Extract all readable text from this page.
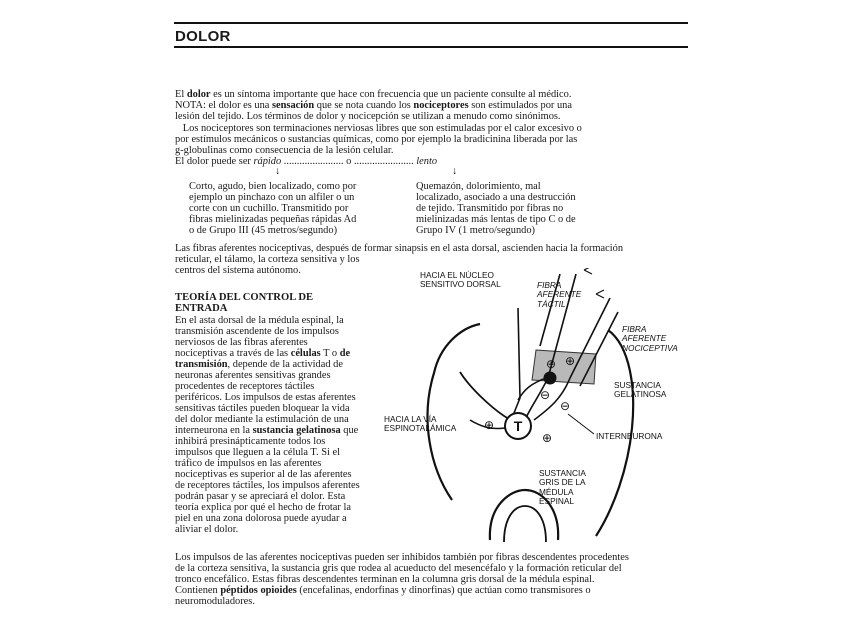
DOLOR
El dolor es un síntoma importante que hace con frecuencia que un paciente consulte al médico.
NOTA: el dolor es una sensación que se nota cuando los nociceptores son estimulados por una
lesión del tejido. Los términos de dolor y nocicepción se utilizan a menudo como sinónimos.
Los nociceptores son terminaciones nerviosas libres que son estimuladas por el calor excesivo o
por estímulos mecánicos o sustancias químicas, como por ejemplo la bradicinina liberada por las
g-globulinas como consecuencia de la lesión celular.
El dolor puede ser rápido ....................... o ....................... lento
↓	↓
Corto, agudo, bien localizado, como por
ejemplo un pinchazo con un alfiler o un
corte con un cuchillo. Transmitido por
fibras mielinizadas pequeñas rápidas Ad
o de Grupo III (45 metros/segundo)
Quemazón, dolorimiento, mal
localizado, asociado a una destrucción
de tejido. Transmitido por fibras no
mielinizadas más lentas de tipo C o de
Grupo IV (1 metro/segundo)
Las fibras aferentes nociceptivas, después de formar sinapsis en el asta dorsal, ascienden hacia la formación
reticular, el tálamo, la corteza sensitiva y los
centros del sistema autónomo.
TEORÍA DEL CONTROL DE
ENTRADA
En el asta dorsal de la médula espinal, la
transmisión ascendente de los impulsos
nerviosos de las fibras aferentes
nociceptivas a través de las células T o de
transmisión, depende de la actividad de
neuronas aferentes sensitivas grandes
procedentes de receptores táctiles
periféricos. Los impulsos de estas aferentes
sensitivas táctiles pueden bloquear la vida
del dolor mediante la estimulación de una
interneurona en la sustancia gelatinosa que
inhibirá presinápticamente todos los
impulsos que lleguen a la célula T. Si el
tráfico de impulsos en las aferentes
nociceptivas es superior al de las aferentes
de receptores táctiles, los impulsos aferentes
podrán pasar y se apreciará el dolor. Esta
teoría explica por qué el hecho de frotar la
piel en una zona dolorosa puede ayudar a
aliviar el dolor.
T
⊕ ⊕
⊖
⊖
⊕
⊕
HACIA EL NÚCLEO
SENSITIVO DORSAL	FIBRA
AFERENTE
TÁCTIL
FIBRA
AFERENTE
NOCICEPTIVA
SUSTANCIA
GELATINOSA
HACIA LA VÍA
ESPINOTALÁMICA
INTERNEURONA
SUSTANCIA
GRIS DE LA
MÉDULA
ESPINAL
Los impulsos de las aferentes nociceptivas pueden ser inhibidos también por fibras descendentes procedentes
de la corteza sensitiva, la sustancia gris que rodea al acueducto del mesencéfalo y la formación reticular del
tronco encefálico. Estas fibras descendentes terminan en la columna gris dorsal de la médula espinal.
Contienen péptidos opioides (encefalinas, endorfinas y dinorfinas) que actúan como transmisores o
neuromoduladores.
